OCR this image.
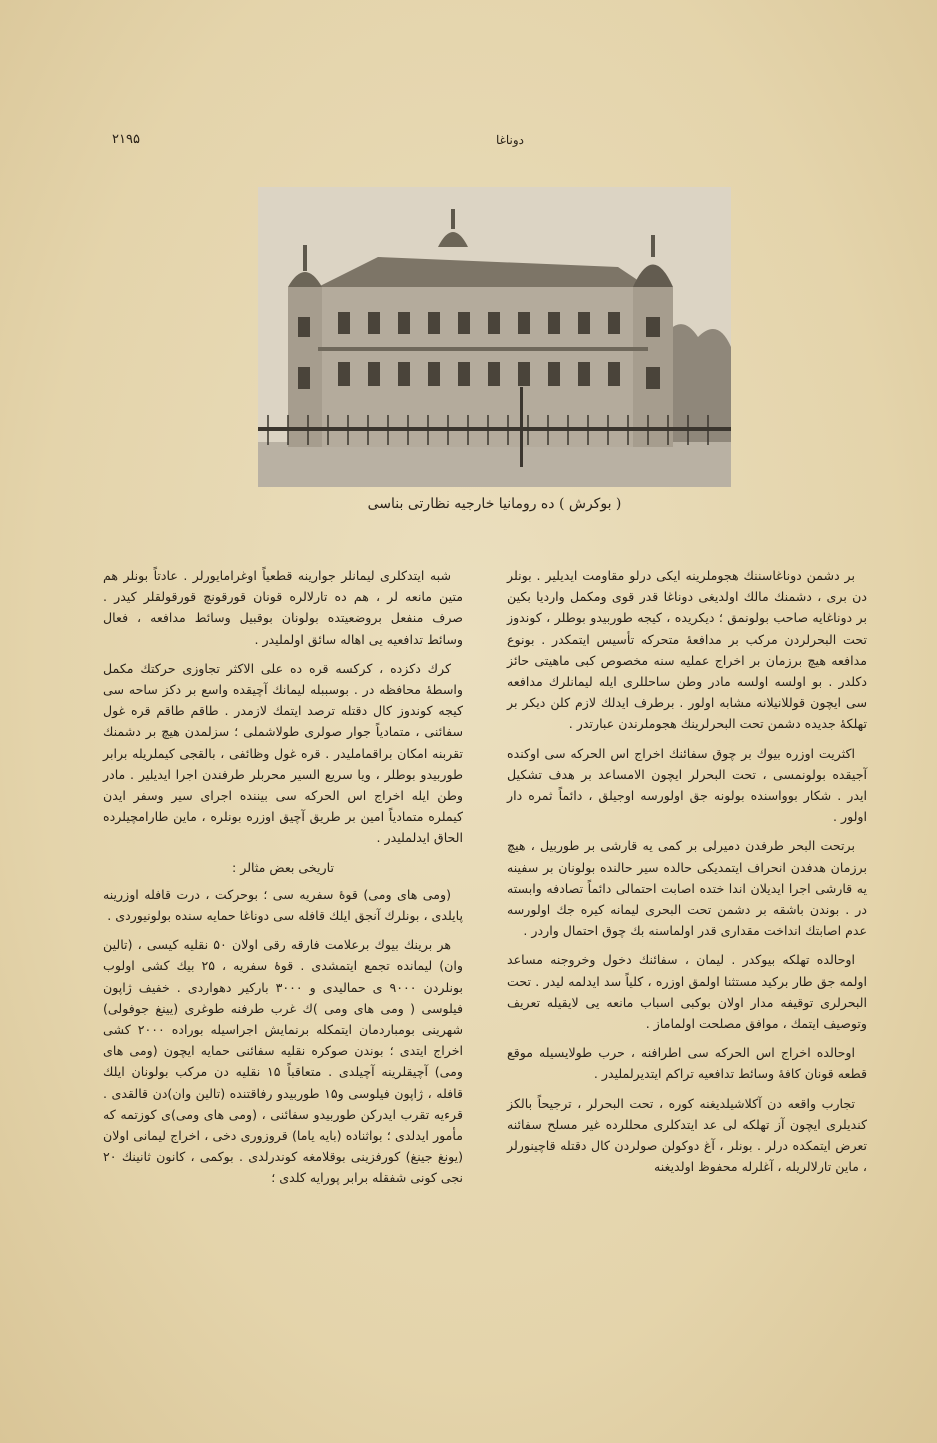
۲۱۹۵	دوناغا
( بوكرش ) ده رومانيا خارجيه نظارتى بناسى

بر دشمن دوناغاسننك هجوملرينه ايكى درلو مقاومت ايديلير . بونلر دن برى ، دشمنك مالك اولديغى دوناغا قدر قوى ومكمل واردیا بکین بر دوناغایه صاحب بولونمق ؛ دیکریده ، کیجه طوربیدو بوطلر ، کوندوز تحت البحرلردن مرکب بر مدافعهٔ متحرکه تأسیس ایتمکدر . بونوع مدافعه هیچ برزمان بر اخراج عملیه سنه مخصوص کبی ماهیتی حائز دکلدر . بو اولسه اولسه مادر وطن ساحللری ایله لیمانلرك مدافعه سی ایچون قوللانیلانه مشابه اولور . برطرف ایدلك لازم کلن دیکر بر تهلکهٔ جدیده دشمن تحت البحرلرینك هجوملرندن عبارتدر .

اکثریت اوزره بیوك بر چوق سفائنك اخراج اس الحرکه سی اوکنده آجیقده بولونمسی ، تحت البحرلر ایچون الامساعد بر هدف تشکیل ایدر . شکار بوواسنده بولونه جق اولورسه اوجیلق ، دائماً ثمره دار اولور .

برتحت البحر طرفدن دمیرلی بر کمی یه قارشی بر طوربیل ، هیچ برزمان هدفدن انحراف ایتمدیکی حالده سیر حالنده بولونان بر سفینه یه قارشی اجرا ایدیلان اندا ختده اصابت احتمالی دائماً تصادفه وابسته در . بوندن باشقه بر دشمن تحت البحری لیمانه کیره جك اولورسه عدم اصابتك انداخت مقداری قدر اولماسنه بك چوق احتمال واردر .

اوحالده تهلکه بیوکدر . لیمان ، سفائنك دخول وخروجنه مساعد اولمه جق طار برکید مستثنا اولمق اوزره ، کلیاً سد ایدلمه لیدر . تحت البحرلری توقیفه مدار اولان بوکبی اسباب مانعه یی لایقیله تعریف وتوصیف ایتمك ، موافق مصلحت اولماماز .

اوحالده اخراج اس الحرکه سی اطرافنه ، حرب طولایسیله موقع قطعه قونان کافهٔ وسائط تدافعیه تراکم ایتدیرلملیدر .

تجارب واقعه دن آکلاشیلدیغنه کوره ، تحت البحرلر ، ترجیحاً بالکز کندیلری ایچون آز تهلکه لی عد ایتدکلری محللرده غیر مسلح سفائنه تعرض ایتمکده درلر . بونلر ، آغ دوکولن صولردن کال دقتله قاچینورلر ، ماین تارلالریله ، آغلرله محفوظ اولدیغنه

شبه ایتدکلری لیمانلر جوارینه قطعیاً اوغرامایورلر . عادتاً بونلر هم متین مانعه لر ، هم ده تارلالره قونان قورقونچ قورقولقلر کیدر . صرف منفعل بروضعیتده بولونان بوقبیل وسائط مدافعه ، فعال وسائط تدافعیه یی اهاله سائق اولملیدر .

کرك دکزده ، کرکسه قره ده علی الاکثر تجاوزی حرکتك مکمل واسطهٔ محافظه در . بوسببله لیمانك آچیقده واسع بر دکز ساحه سی کیجه کوندوز کال دقتله ترصد ایتمك لازمدر . طاقم طاقم قره غول سفائنی ، متمادیاً جوار صولری طولاشملی ؛ سزلمدن هیچ بر دشمنك تقربنه امکان براقماملیدر . قره غول وظائفی ، بالقجی کیملریله برابر طوربیدو بوطلر ، ویا سریع السیر محربلر طرفندن اجرا ایدیلیر . مادر وطن ایله اخراج اس الحرکه سی بیننده اجرای سیر وسفر ایدن کیملره متمادیاً امین بر طریق آچیق اوزره بونلره ، ماین طارامچیلرده الحاق ایدلملیدر .

تاریخی بعض مثالر :

(ومی های ومی) قوهٔ سفریه سی ؛ بوحرکت ، درت قافله اوزرینه پایلدی ، بونلرك آنجق ایلك قافله سی دوناغا حمایه سنده بولونیوردی .

هر برینك بیوك برعلامت فارقه رقی اولان ۵۰ نقلیه کیسی ، (تالین وان) لیمانده تجمع ایتمشدی . قوهٔ سفریه ، ۲۵ بیك کشی اولوب بونلردن ۹۰۰۰ ی حمالیدی و ۳۰۰۰ بارکیر دهواردی . خفیف ژاپون فیلوسی ( ومی های ومی )ك غرب طرفنه طوغری (یینغ جوفولی) شهرینی بومباردمان ایتمکله برنمایش اجراسیله بوراده ۲۰۰۰ کشی اخراج ایتدی ؛ بوندن صوکره نقلیه سفائنی حمایه ایچون (ومی های ومی) آچیقلرینه آچیلدی . متعاقباً ۱۵ نقلیه دن مرکب بولونان ایلك قافله ، ژاپون فیلوسی و۱۵ طوربیدو رفاقتنده (تالین وان)دن قالقدی . قرءیه تقرب ایدرکن طوربیدو سفائنی ، (ومی های ومی)ی کوزتمه که مأمور ایدلدی ؛ بواثناده (بایه یاما) قروزوری دخی ، اخراج لیمانی اولان (یونغ جینغ) کورفزینی بوقلامغه کوندرلدی . بوکمی ، کانون ثانینك ۲۰ نجی کونی شفقله برابر پورایه کلدی ؛
